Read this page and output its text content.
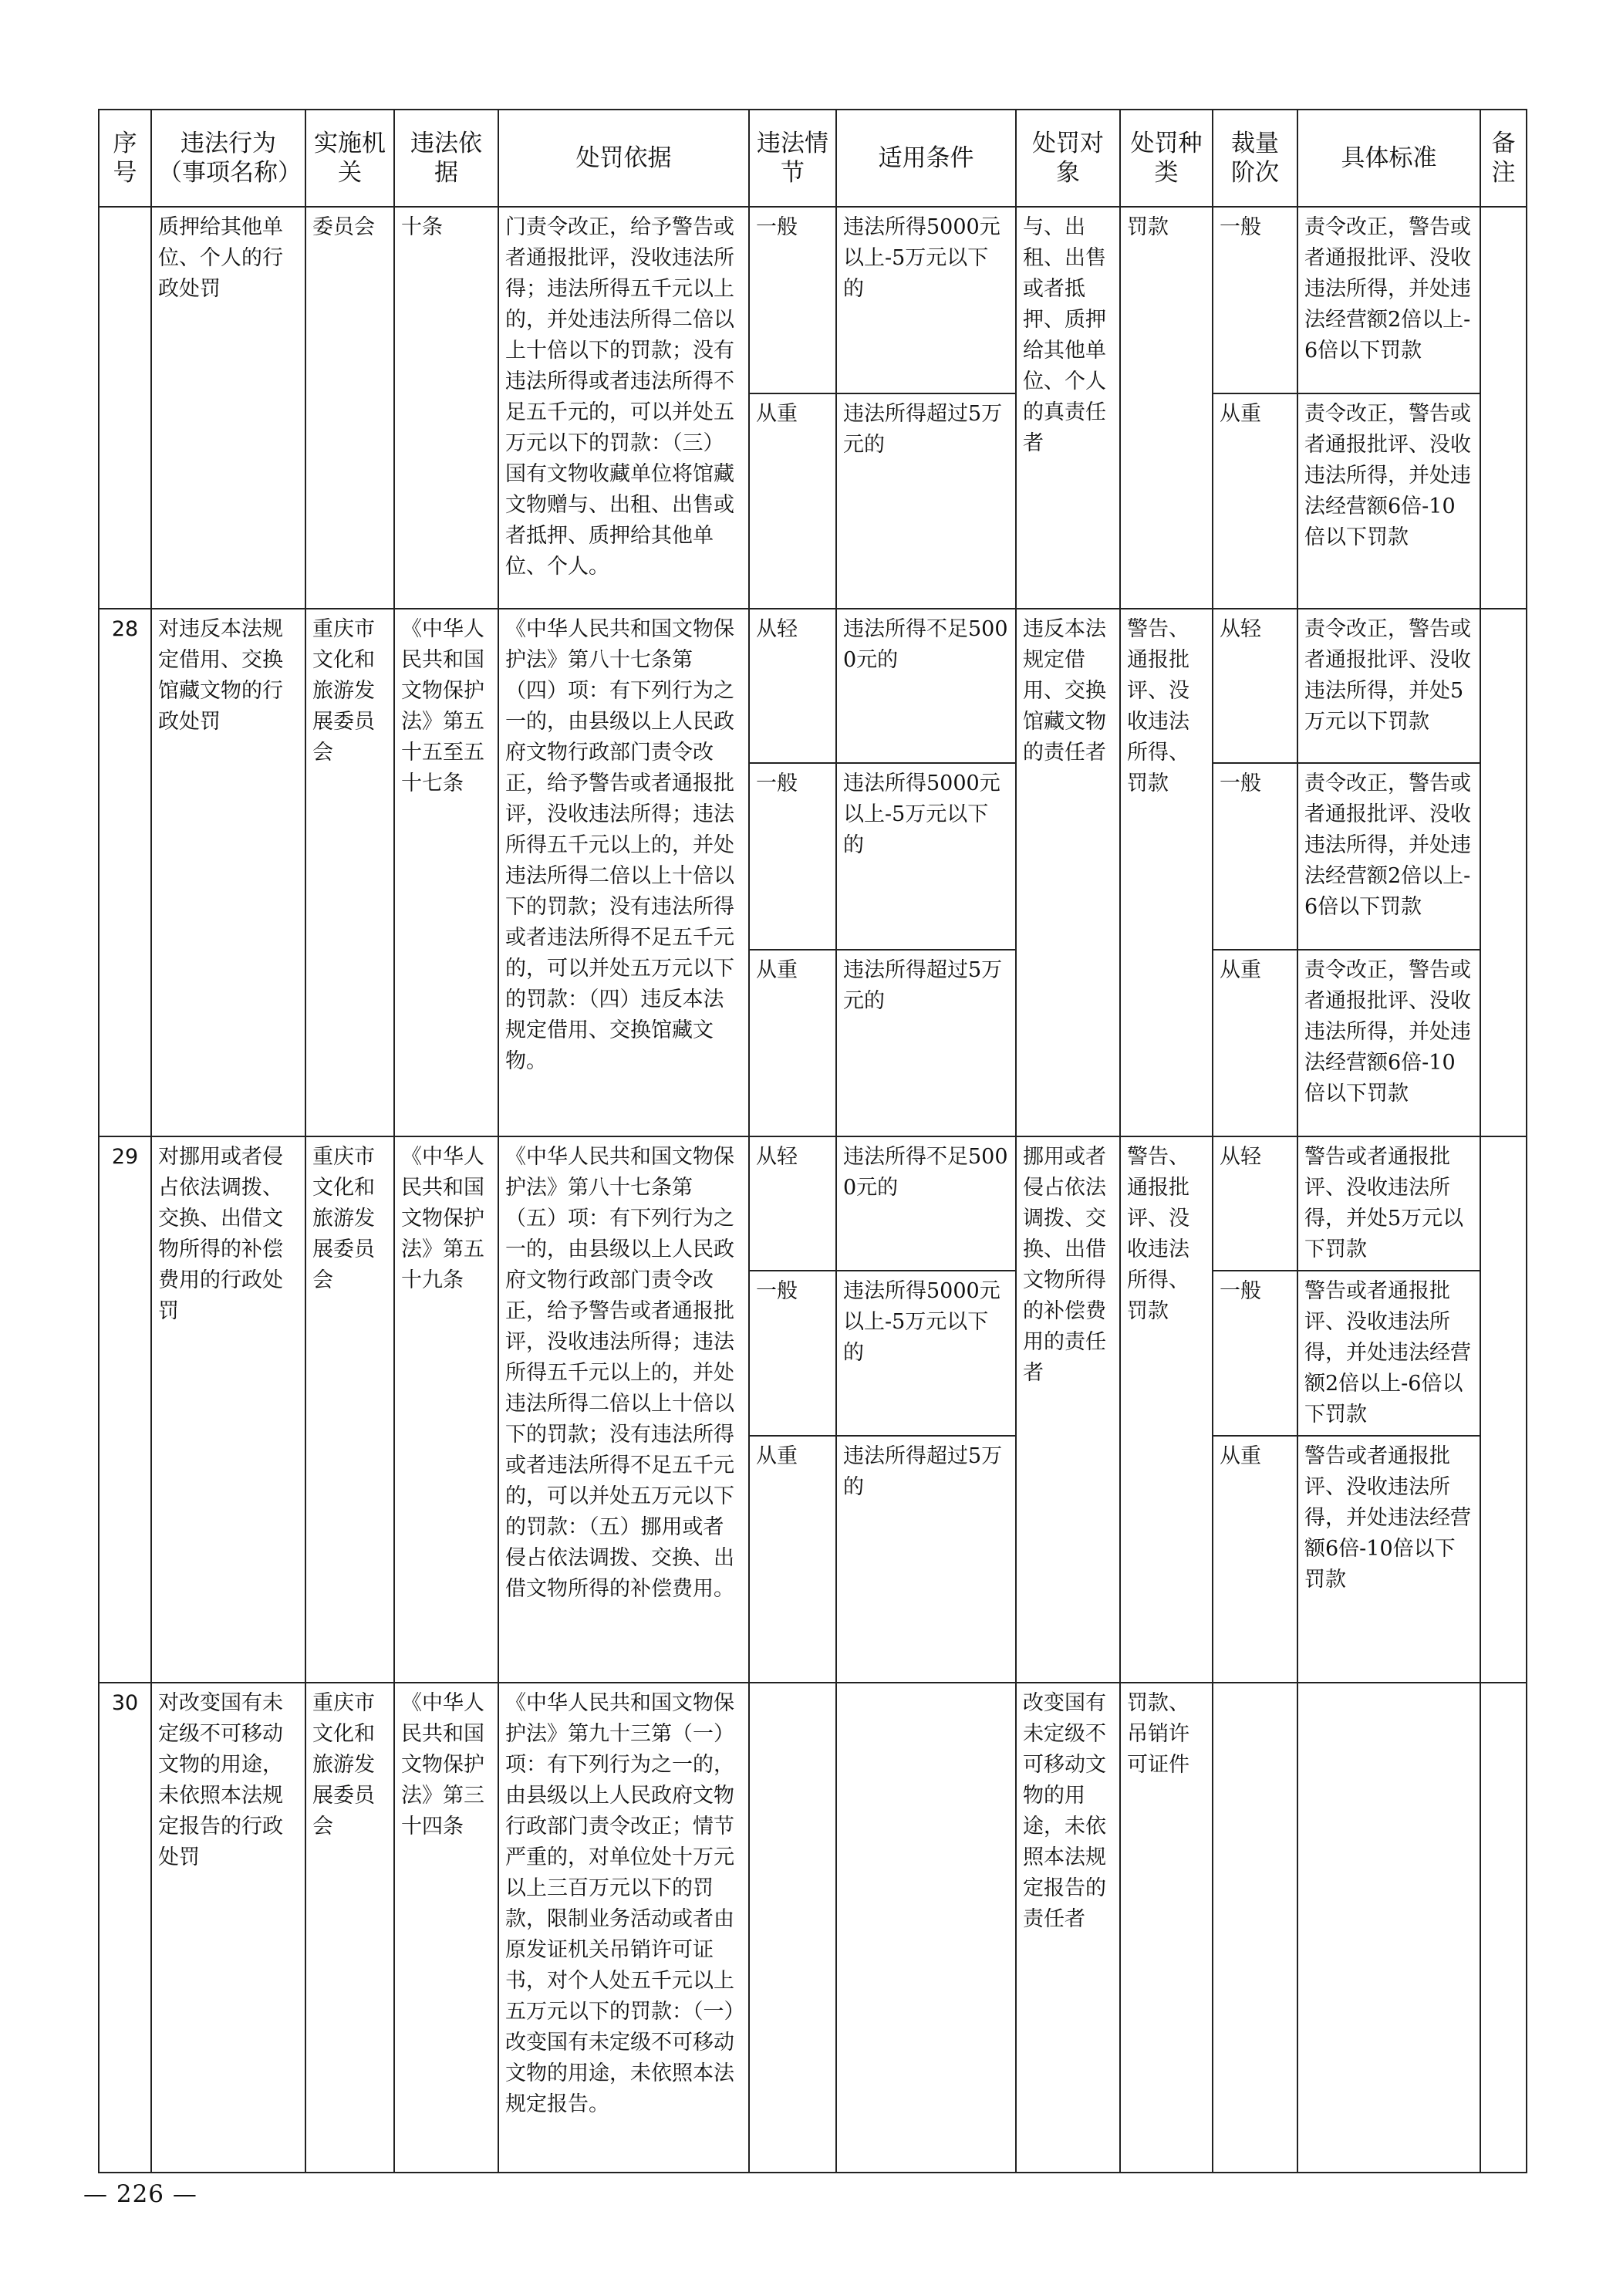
序号	违法行为（事项名称）	实施机关	违法依据	处罚依据	违法情节	适用条件	处罚对象	处罚种类	裁量阶次	具体标准	备注
	质押给其他单位、个人的行政处罚	委员会	十条	门责令改正，给予警告或者通报批评，没收违法所得；违法所得五千元以上的，并处违法所得二倍以上十倍以下的罚款；没有违法所得或者违法所得不足五千元的，可以并处五万元以下的罚款：（三）国有文物收藏单位将馆藏文物赠与、出租、出售或者抵押、质押给其他单位、个人。	一般	违法所得5000元以上-5万元以下的	与、出租、出售或者抵押、质押给其他单位、个人的真责任者	罚款	一般	责令改正，警告或者通报批评、没收违法所得，并处违法经营额2倍以上-6倍以下罚款	
					从重	违法所得超过5万元的			从重	责令改正，警告或者通报批评、没收违法所得，并处违法经营额6倍-10倍以下罚款	
28	对违反本法规定借用、交换馆藏文物的行政处罚	重庆市文化和旅游发展委员会	《中华人民共和国文物保护法》第五十五至五十七条	《中华人民共和国文物保护法》第八十七条第（四）项：有下列行为之一的，由县级以上人民政府文物行政部门责令改正，给予警告或者通报批评，没收违法所得；违法所得五千元以上的，并处违法所得二倍以上十倍以下的罚款；没有违法所得或者违法所得不足五千元的，可以并处五万元以下的罚款：（四）违反本法规定借用、交换馆藏文物。	从轻	违法所得不足5000元的	违反本法规定借用、交换馆藏文物的责任者	警告、通报批评、没收违法所得、罚款	从轻	责令改正，警告或者通报批评、没收违法所得，并处5万元以下罚款	
					一般	违法所得5000元以上-5万元以下的			一般	责令改正，警告或者通报批评、没收违法所得，并处违法经营额2倍以上-6倍以下罚款	
					从重	违法所得超过5万元的			从重	责令改正，警告或者通报批评、没收违法所得，并处违法经营额6倍-10倍以下罚款	
29	对挪用或者侵占依法调拨、交换、出借文物所得的补偿费用的行政处罚	重庆市文化和旅游发展委员会	《中华人民共和国文物保护法》第五十九条	《中华人民共和国文物保护法》第八十七条第（五）项：有下列行为之一的，由县级以上人民政府文物行政部门责令改正，给予警告或者通报批评，没收违法所得；违法所得五千元以上的，并处违法所得二倍以上十倍以下的罚款；没有违法所得或者违法所得不足五千元的，可以并处五万元以下的罚款：（五）挪用或者侵占依法调拨、交换、出借文物所得的补偿费用。	从轻	违法所得不足5000元的	挪用或者侵占依法调拨、交换、出借文物所得的补偿费用的责任者	警告、通报批评、没收违法所得、罚款	从轻	警告或者通报批评、没收违法所得，并处5万元以下罚款	
					一般	违法所得5000元以上-5万元以下的			一般	警告或者通报批评、没收违法所得，并处违法经营额2倍以上-6倍以下罚款	
					从重	违法所得超过5万的			从重	警告或者通报批评、没收违法所得，并处违法经营额6倍-10倍以下罚款	
30	对改变国有未定级不可移动文物的用途，未依照本法规定报告的行政处罚	重庆市文化和旅游发展委员会	《中华人民共和国文物保护法》第三十四条	《中华人民共和国文物保护法》第九十三第（一）项：有下列行为之一的，由县级以上人民政府文物行政部门责令改正；情节严重的，对单位处十万元以上三百万元以下的罚款，限制业务活动或者由原发证机关吊销许可证书，对个人处五千元以上五万元以下的罚款：（一）改变国有未定级不可移动文物的用途，未依照本法规定报告。			改变国有未定级不可移动文物的用途，未依照本法规定报告的责任者	罚款、吊销许可证件			
— 226 —
